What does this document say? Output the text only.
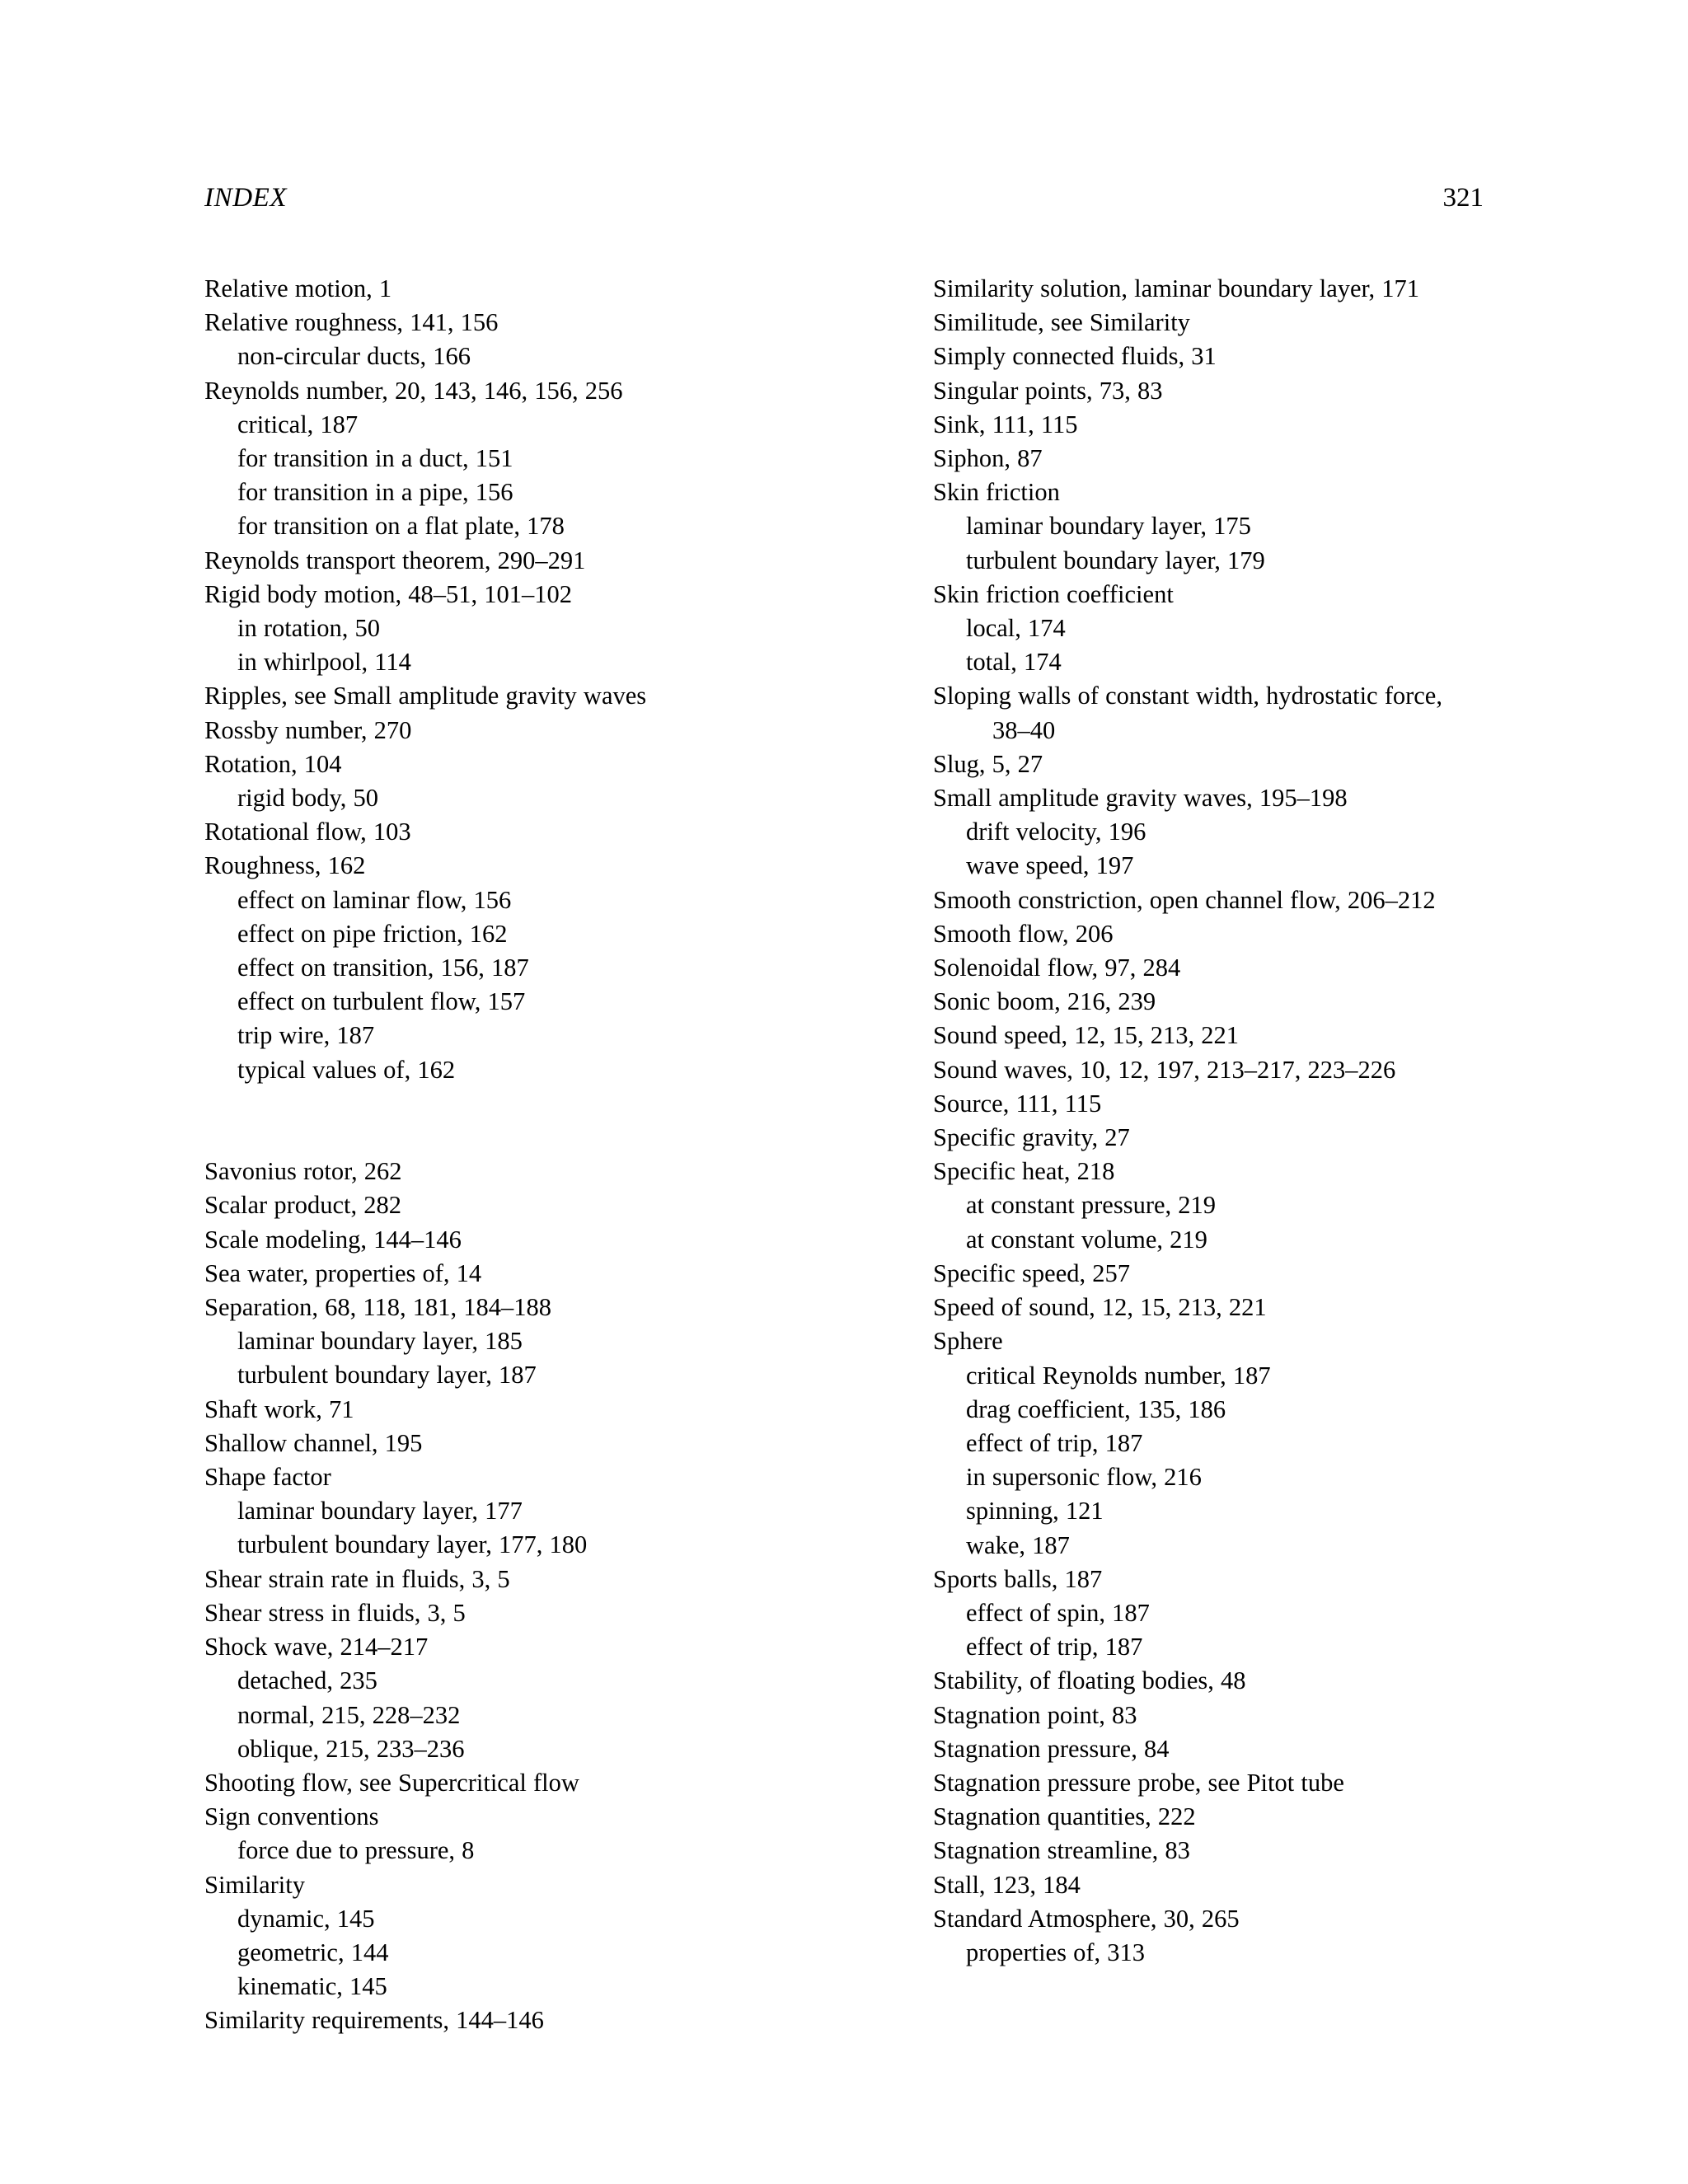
INDEX	321
Relative motion, 1
Relative roughness, 141, 156
non-circular ducts, 166
Reynolds number, 20, 143, 146, 156, 256
critical, 187
for transition in a duct, 151
for transition in a pipe, 156
for transition on a flat plate, 178
Reynolds transport theorem, 290–291
Rigid body motion, 48–51, 101–102
in rotation, 50
in whirlpool, 114
Ripples, see Small amplitude gravity waves
Rossby number, 270
Rotation, 104
rigid body, 50
Rotational flow, 103
Roughness, 162
effect on laminar flow, 156
effect on pipe friction, 162
effect on transition, 156, 187
effect on turbulent flow, 157
trip wire, 187
typical values of, 162
Savonius rotor, 262
Scalar product, 282
Scale modeling, 144–146
Sea water, properties of, 14
Separation, 68, 118, 181, 184–188
laminar boundary layer, 185
turbulent boundary layer, 187
Shaft work, 71
Shallow channel, 195
Shape factor
laminar boundary layer, 177
turbulent boundary layer, 177, 180
Shear strain rate in fluids, 3, 5
Shear stress in fluids, 3, 5
Shock wave, 214–217
detached, 235
normal, 215, 228–232
oblique, 215, 233–236
Shooting flow, see Supercritical flow
Sign conventions
force due to pressure, 8
Similarity
dynamic, 145
geometric, 144
kinematic, 145
Similarity requirements, 144–146
Similarity solution, laminar boundary layer, 171
Similitude, see Similarity
Simply connected fluids, 31
Singular points, 73, 83
Sink, 111, 115
Siphon, 87
Skin friction
laminar boundary layer, 175
turbulent boundary layer, 179
Skin friction coefficient
local, 174
total, 174
Sloping walls of constant width, hydrostatic force, 38–40
Slug, 5, 27
Small amplitude gravity waves, 195–198
drift velocity, 196
wave speed, 197
Smooth constriction, open channel flow, 206–212
Smooth flow, 206
Solenoidal flow, 97, 284
Sonic boom, 216, 239
Sound speed, 12, 15, 213, 221
Sound waves, 10, 12, 197, 213–217, 223–226
Source, 111, 115
Specific gravity, 27
Specific heat, 218
at constant pressure, 219
at constant volume, 219
Specific speed, 257
Speed of sound, 12, 15, 213, 221
Sphere
critical Reynolds number, 187
drag coefficient, 135, 186
effect of trip, 187
in supersonic flow, 216
spinning, 121
wake, 187
Sports balls, 187
effect of spin, 187
effect of trip, 187
Stability, of floating bodies, 48
Stagnation point, 83
Stagnation pressure, 84
Stagnation pressure probe, see Pitot tube
Stagnation quantities, 222
Stagnation streamline, 83
Stall, 123, 184
Standard Atmosphere, 30, 265
properties of, 313
